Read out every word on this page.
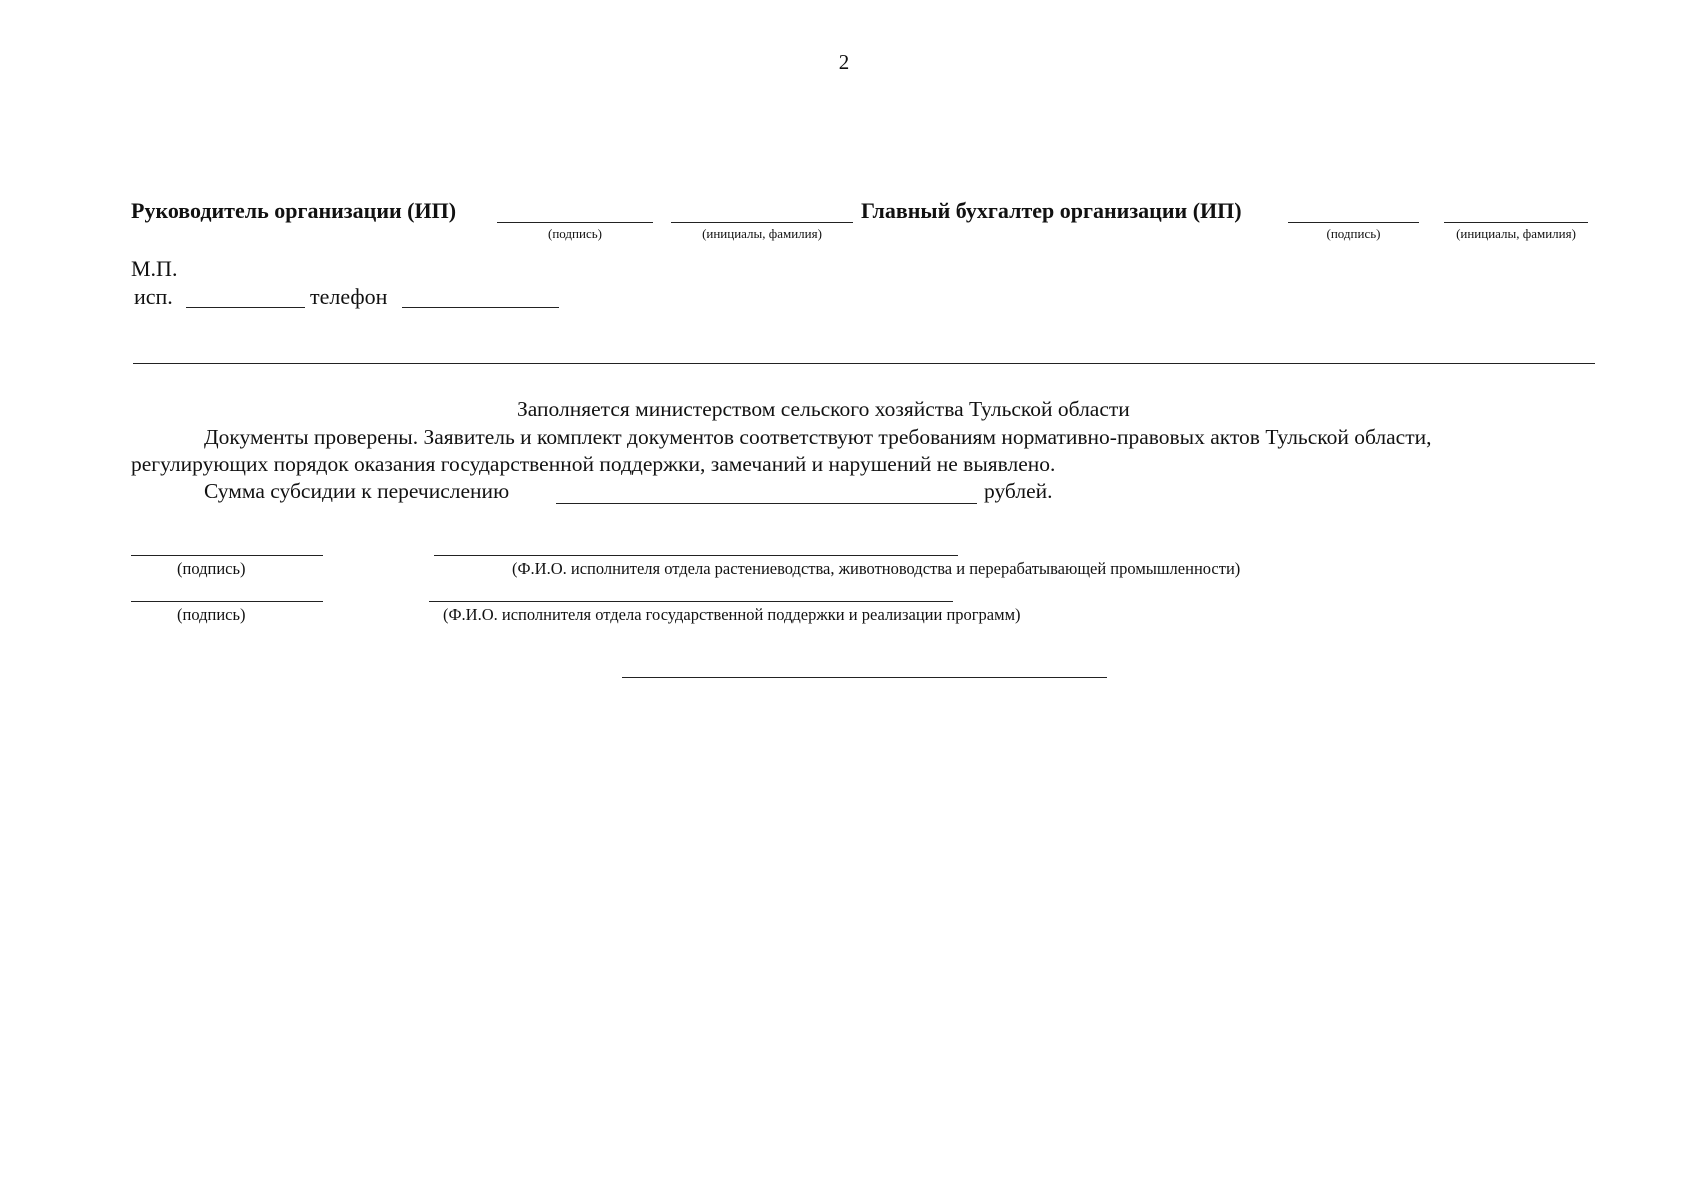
2
Руководитель организации (ИП)
(подпись)	(инициалы, фамилия)
Главный бухгалтер организации (ИП)
(подпись)	(инициалы, фамилия)
М.П.
исп.	телефон
Заполняется министерством сельского хозяйства Тульской области
Документы проверены. Заявитель и комплект документов соответствуют требованиям нормативно-правовых актов Тульской области,
регулирующих порядок оказания государственной поддержки, замечаний и нарушений не выявлено.
Сумма субсидии к перечислению	рублей.
(подпись)	(Ф.И.О. исполнителя отдела растениеводства, животноводства и перерабатывающей промышленности)
(подпись)	(Ф.И.О. исполнителя отдела государственной поддержки и реализации программ)
